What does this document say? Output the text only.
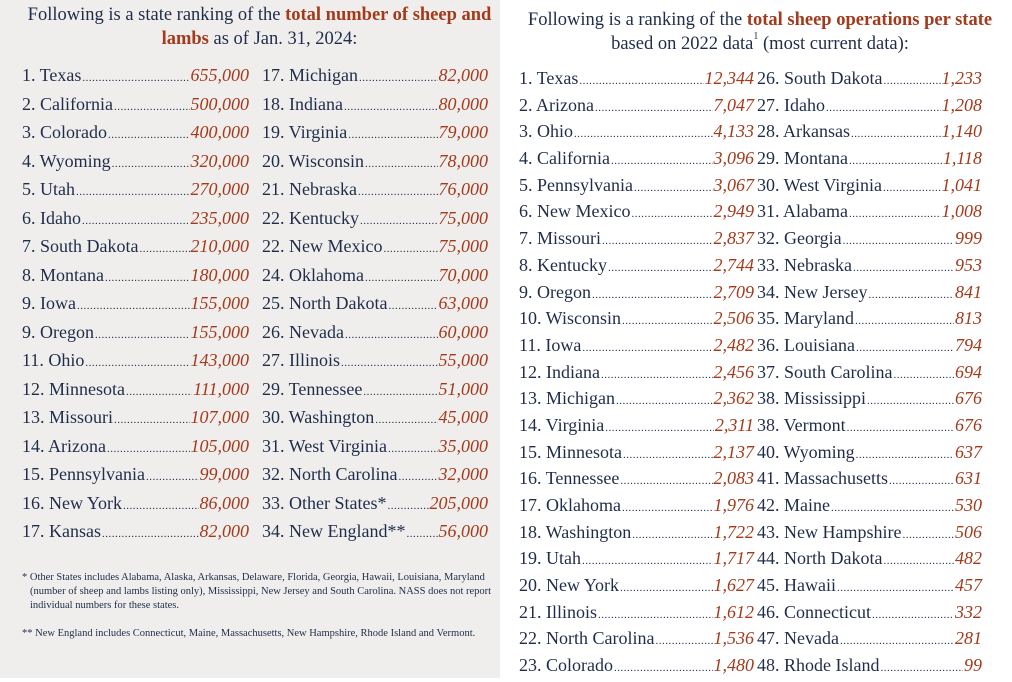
Following is a state ranking of the total number of sheep and lambs as of Jan. 31, 2024:
Following is a ranking of the total sheep operations per state based on 2022 data$^1$ (most current data):
1. Texas .....	655,000
2. California .....	500,000
3. Colorado .....	400,000
4. Wyoming .....	320,000
5. Utah .....	270,000
6. Idaho .....	235,000
7. South Dakota .....	210,000
8. Montana .....	180,000
9. Iowa .....	155,000
9. Oregon .....	155,000
11. Ohio .....	143,000
12. Minnesota .....	111,000
13. Missouri .....	107,000
14. Arizona .....	105,000
15. Pennsylvania .....	99,000
16. New York .....	86,000
17. Kansas .....	82,000
17. Michigan .....	82,000
18. Indiana .....	80,000
19. Virginia .....	79,000
20. Wisconsin .....	78,000
21. Nebraska .....	76,000
22. Kentucky .....	75,000
22. New Mexico .....	75,000
24. Oklahoma .....	70,000
25. North Dakota .....	63,000
26. Nevada .....	60,000
27. Illinois .....	55,000
29. Tennessee .....	51,000
30. Washington .....	45,000
31. West Virginia .....	35,000
32. North Carolina ..... 32,000
33. Other States* ..... 205,000
34. New England** ..... 56,000

* Other States includes Alabama, Alaska, Arkansas, Delaware, Florida, Georgia, Hawaii, Louisiana, Maryland (number of sheep and lambs listing only), Mississippi, New Jersey and South Carolina. NASS does not report individual numbers for these states.

** New England includes Connecticut, Maine, Massachusetts, New Hampshire, Rhode Island and Vermont.

1. Texas .....	12,344
2. Arizona .....	7,047
3. Ohio .....	4,133
4. California .....	3,096
5. Pennsylvania .....	3,067
6. New Mexico .....	2,949
7. Missouri .....	2,837
8. Kentucky .....	2,744
9. Oregon .....	2,709
10. Wisconsin .....	2,506
11. Iowa .....	2,482
12. Indiana .....	2,456
13. Michigan .....	2,362
14. Virginia .....	2,311
15. Minnesota .....	2,137
16. Tennessee .....	2,083
17. Oklahoma .....	1,976
18. Washington .....	1,722
19. Utah .....	1,717
20. New York .....	1,627
21. Illinois .....	1,612
22. North Carolina .....	1,536
23. Colorado .....	1,480
26. South Dakota .....	1,233
27. Idaho .....	1,208
28. Arkansas .....	1,140
29. Montana .....	1,118
30. West Virginia .....	1,041
31. Alabama .....	1,008
32. Georgia .....	999
33. Nebraska .....	953
34. New Jersey .....	841
35. Maryland .....	813
36. Louisiana .....	794
37. South Carolina .....	694
38. Mississippi .....	676
38. Vermont .....	676
40. Wyoming .....	637
41. Massachusetts .....	631
42. Maine .....	530
43. New Hampshire .....	506
44. North Dakota .....	482
45. Hawaii .....	457
46. Connecticut .....	332
47. Nevada .....	281
48. Rhode Island .....	99
